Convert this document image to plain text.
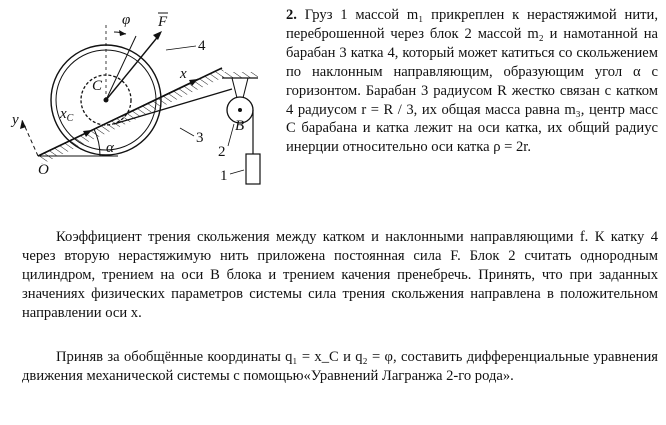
φ F
4
x
C
$x_C$
y
O
α
B
3
2
1

2. Груз 1 массой m₁ прикреплен к нерастяжимой нити, переброшенной через блок 2 массой m₂ и намотанной на барабан 3 катка 4, который может катиться со скольжением по наклонным направляющим, образующим угол α с горизонтом. Барабан 3 радиусом R жестко связан с катком 4 радиусом r = R / 3, их общая масса равна m₃, центр масс C барабана и катка лежит на оси катка, их общий радиус инерции относительно оси катка ρ = 2r.

Коэффициент трения скольжения между катком и наклонными направляющими f. К катку 4 через вторую нерастяжимую нить приложена постоянная сила F. Блок 2 считать однородным цилиндром, трением на оси B блока и трением качения пренебречь. Принять, что при заданных значениях физических параметров системы сила трения скольжения направлена в положительном направлении оси x.

Приняв за обобщённые координаты q₁ = x_C и q₂ = φ, составить дифференциальные уравнения движения механической системы с помощью«Уравнений Лагранжа 2-го рода».
